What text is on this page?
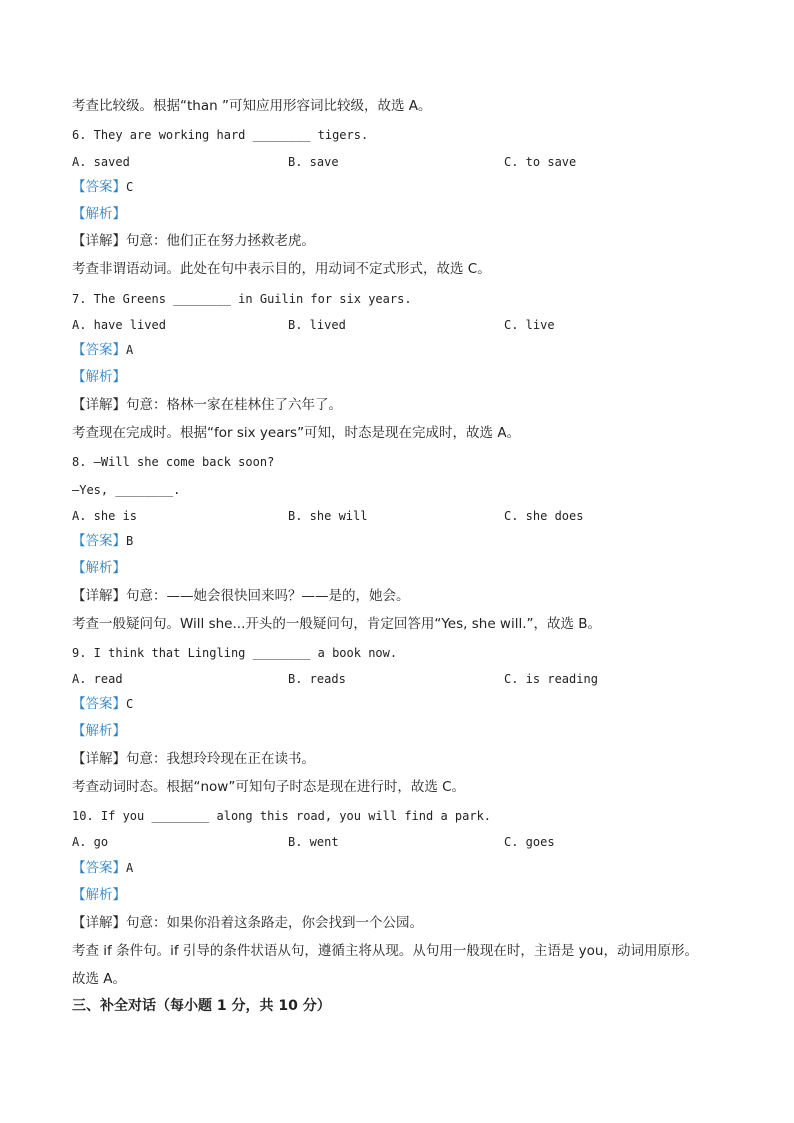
考查比较级。根据“than ”可知应用形容词比较级，故选 A。
6. They are working hard ________ tigers.
A. saved	B. save	C. to save
【答案】C
【解析】
【详解】句意：他们正在努力拯救老虎。
考查非谓语动词。此处在句中表示目的，用动词不定式形式，故选 C。
7. The Greens ________ in Guilin for six years.
A. have lived	B. lived	C. live
【答案】A
【解析】
【详解】句意：格林一家在桂林住了六年了。
考查现在完成时。根据“for six years”可知，时态是现在完成时，故选 A。
8. —Will she come back soon?
—Yes, ________.
A. she is	B. she will	C. she does
【答案】B
【解析】
【详解】句意：——她会很快回来吗？——是的，她会。
考查一般疑问句。Will she...开头的一般疑问句，肯定回答用“Yes, she will.”，故选 B。
9. I think that Lingling ________ a book now.
A. read	B. reads	C. is reading
【答案】C
【解析】
【详解】句意：我想玲玲现在正在读书。
考查动词时态。根据“now”可知句子时态是现在进行时，故选 C。
10. If you ________ along this road, you will find a park.
A. go	B. went	C. goes
【答案】A
【解析】
【详解】句意：如果你沿着这条路走，你会找到一个公园。
考查 if 条件句。if 引导的条件状语从句，遵循主将从现。从句用一般现在时，主语是 you，动词用原形。
故选 A。
三、补全对话（每小题 1 分，共 10 分）
